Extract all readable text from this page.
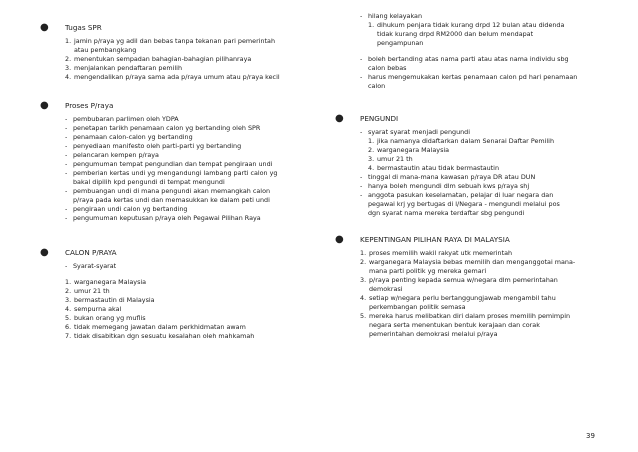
● Tugas SPR
1. jamin p/raya yg adil dan bebas tanpa tekanan pari pemerintah
atau pembangkang
2. menentukan sempadan bahagian-bahagian pilihanraya
3. menjalankan pendaftaran pemilih
4. mengendalikan p/raya sama ada p/raya umum atau p/raya kecil
● Proses P/raya
- pembubaran parlimen oleh YDPA
- penetapan tarikh penamaan calon yg bertanding oleh SPR
- penamaan calon-calon yg bertanding
- penyediaan manifesto oleh parti-parti yg bertanding
- pelancaran kempen p/raya
- pengumuman tempat pengundian dan tempat pengiraan undi
- pemberian kertas undi yg mengandungi lambang parti calon yg
bakal dipilih kpd pengundi di tempat mengundi
- pembuangan undi di mana pengundi akan memangkah calon
p/raya pada kertas undi dan memasukkan ke dalam peti undi
- pengiraan undi calon yg bertanding
- pengumuman keputusan p/raya oleh Pegawai Pilihan Raya
● CALON P/RAYA
- Syarat-syarat
1. warganegara Malaysia
2. umur 21 th
3. bermastautin di Malaysia
4. sempurna akal
5. bukan orang yg muflis
6. tidak memegang jawatan dalam perkhidmatan awam
7. tidak disabitkan dgn sesuatu kesalahan oleh mahkamah
- hilang kelayakan
1. dihukum penjara tidak kurang drpd 12 bulan atau didenda
tidak kurang drpd RM2000 dan belum mendapat
pengampunan
- boleh bertanding atas nama parti atau atas nama individu sbg
calon bebas
- harus mengemukakan kertas penamaan calon pd hari penamaan
calon
● PENGUNDI
- syarat syarat menjadi pengundi
1. jika namanya didaftarkan dalam Senarai Daftar Pemilih
2. warganegara Malaysia
3. umur 21 th
4. bermastautin atau tidak bermastautin
- tinggal di mana-mana kawasan p/raya DR atau DUN
- hanya boleh mengundi dlm sebuah kws p/raya shj
- anggota pasukan keselamatan, pelajar di luar negara dan
pegawai krj yg bertugas di l/Negara - mengundi melalui pos
dgn syarat nama mereka terdaftar sbg pengundi
● KEPENTINGAN PILIHAN RAYA DI MALAYSIA
1. proses memilih wakil rakyat utk memerintah
2. warganegara Malaysia bebas memilih dan menganggotai mana-
mana parti politik yg mereka gemari
3. p/raya penting kepada semua w/negara dlm pemerintahan
demokrasi
4. setiap w/negara perlu bertanggungjawab mengambil tahu
perkembangan politik semasa
5. mereka harus melibatkan diri dalam proses memilih pemimpin
negara serta menentukan bentuk kerajaan dan corak
pemerintahan demokrasi melalui p/raya
39
